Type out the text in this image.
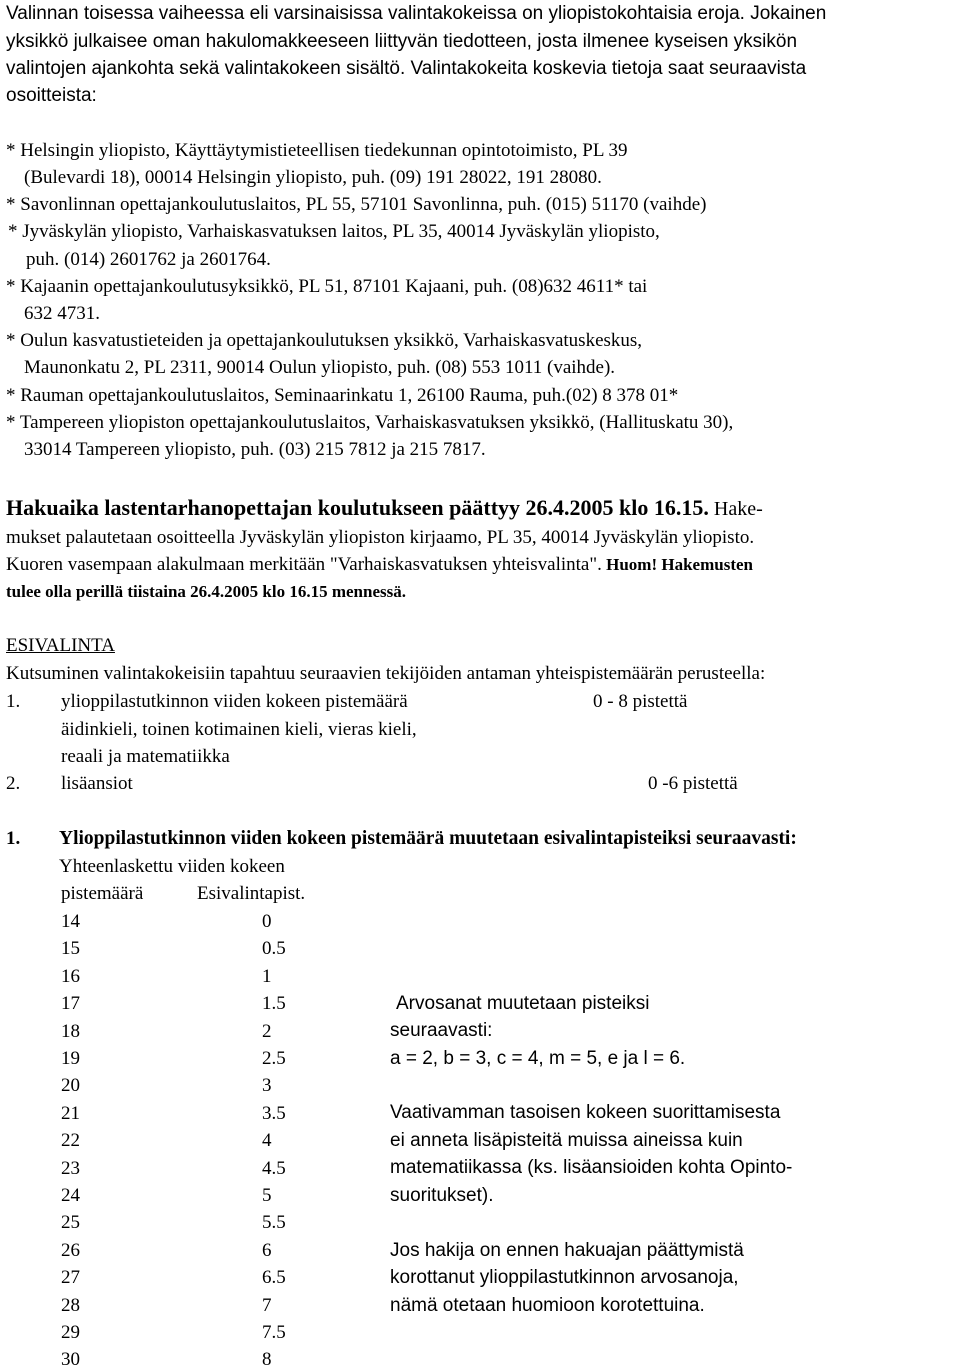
Valinnan toisessa vaiheessa eli varsinaisissa valintakokeissa on yliopistokohtaisia eroja. Jokainen
yksikkö julkaisee oman hakulomakkeeseen liittyvän tiedotteen, josta ilmenee kyseisen yksikön
valintojen ajankohta sekä valintakokeen sisältö. Valintakokeita koskevia tietoja saat seuraavista
osoitteista:
* Helsingin yliopisto, Käyttäytymistieteellisen tiedekunnan opintotoimisto, PL 39
(Bulevardi 18), 00014 Helsingin yliopisto, puh. (09) 191 28022, 191 28080.
* Savonlinnan opettajankoulutuslaitos, PL 55, 57101 Savonlinna, puh. (015) 51170 (vaihde)
* Jyväskylän yliopisto, Varhaiskasvatuksen laitos, PL 35, 40014 Jyväskylän yliopisto,
puh. (014) 2601762 ja 2601764.
* Kajaanin opettajankoulutusyksikkö, PL 51, 87101 Kajaani, puh. (08)632 4611* tai
632 4731.
* Oulun kasvatustieteiden ja opettajankoulutuksen yksikkö, Varhaiskasvatuskeskus,
Maunonkatu 2, PL 2311, 90014 Oulun yliopisto, puh. (08) 553 1011 (vaihde).
* Rauman opettajankoulutuslaitos, Seminaarinkatu 1, 26100 Rauma, puh.(02) 8 378 01*
* Tampereen yliopiston opettajankoulutuslaitos, Varhaiskasvatuksen yksikkö, (Hallituskatu 30),
33014 Tampereen yliopisto, puh. (03) 215 7812 ja 215 7817.
Hakuaika lastentarhanopettajan koulutukseen päättyy 26.4.2005 klo 16.15. Hake-
mukset palautetaan osoitteella Jyväskylän yliopiston kirjaamo, PL 35, 40014 Jyväskylän yliopisto.
Kuoren vasempaan alakulmaan merkitään "Varhaiskasvatuksen yhteisvalinta". Huom! Hakemusten
tulee olla perillä tiistaina 26.4.2005 klo 16.15 mennessä.
ESIVALINTA
Kutsuminen valintakokeisiin tapahtuu seuraavien tekijöiden antaman yhteispistemäärän perusteella:
1. ylioppilastutkinnon viiden kokeen pistemäärä	0 - 8 pistettä
äidinkieli, toinen kotimainen kieli, vieras kieli,
reaali ja matematiikka
2. lisäansiot	0 -6 pistettä
1. Ylioppilastutkinnon viiden kokeen pistemäärä muutetaan esivalintapisteiksi seuraavasti:
Yhteenlaskettu viiden kokeen
pistemäärä	Esivalintapist.
14	0
15	0.5
16	1
17	1.5
18	2
19	2.5
20	3
21	3.5
22	4
23	4.5
24	5
25	5.5
26	6
27	6.5
28	7
29	7.5
30	8
Arvosanat muutetaan pisteiksi
seuraavasti:
a = 2, b = 3, c = 4, m = 5, e ja l = 6.
Vaativamman tasoisen kokeen suorittamisesta
ei anneta lisäpisteitä muissa aineissa kuin
matematiikassa (ks. lisäansioiden kohta Opinto-
suoritukset).
Jos hakija on ennen hakuajan päättymistä
korottanut ylioppilastutkinnon arvosanoja,
nämä otetaan huomioon korotettuina.
